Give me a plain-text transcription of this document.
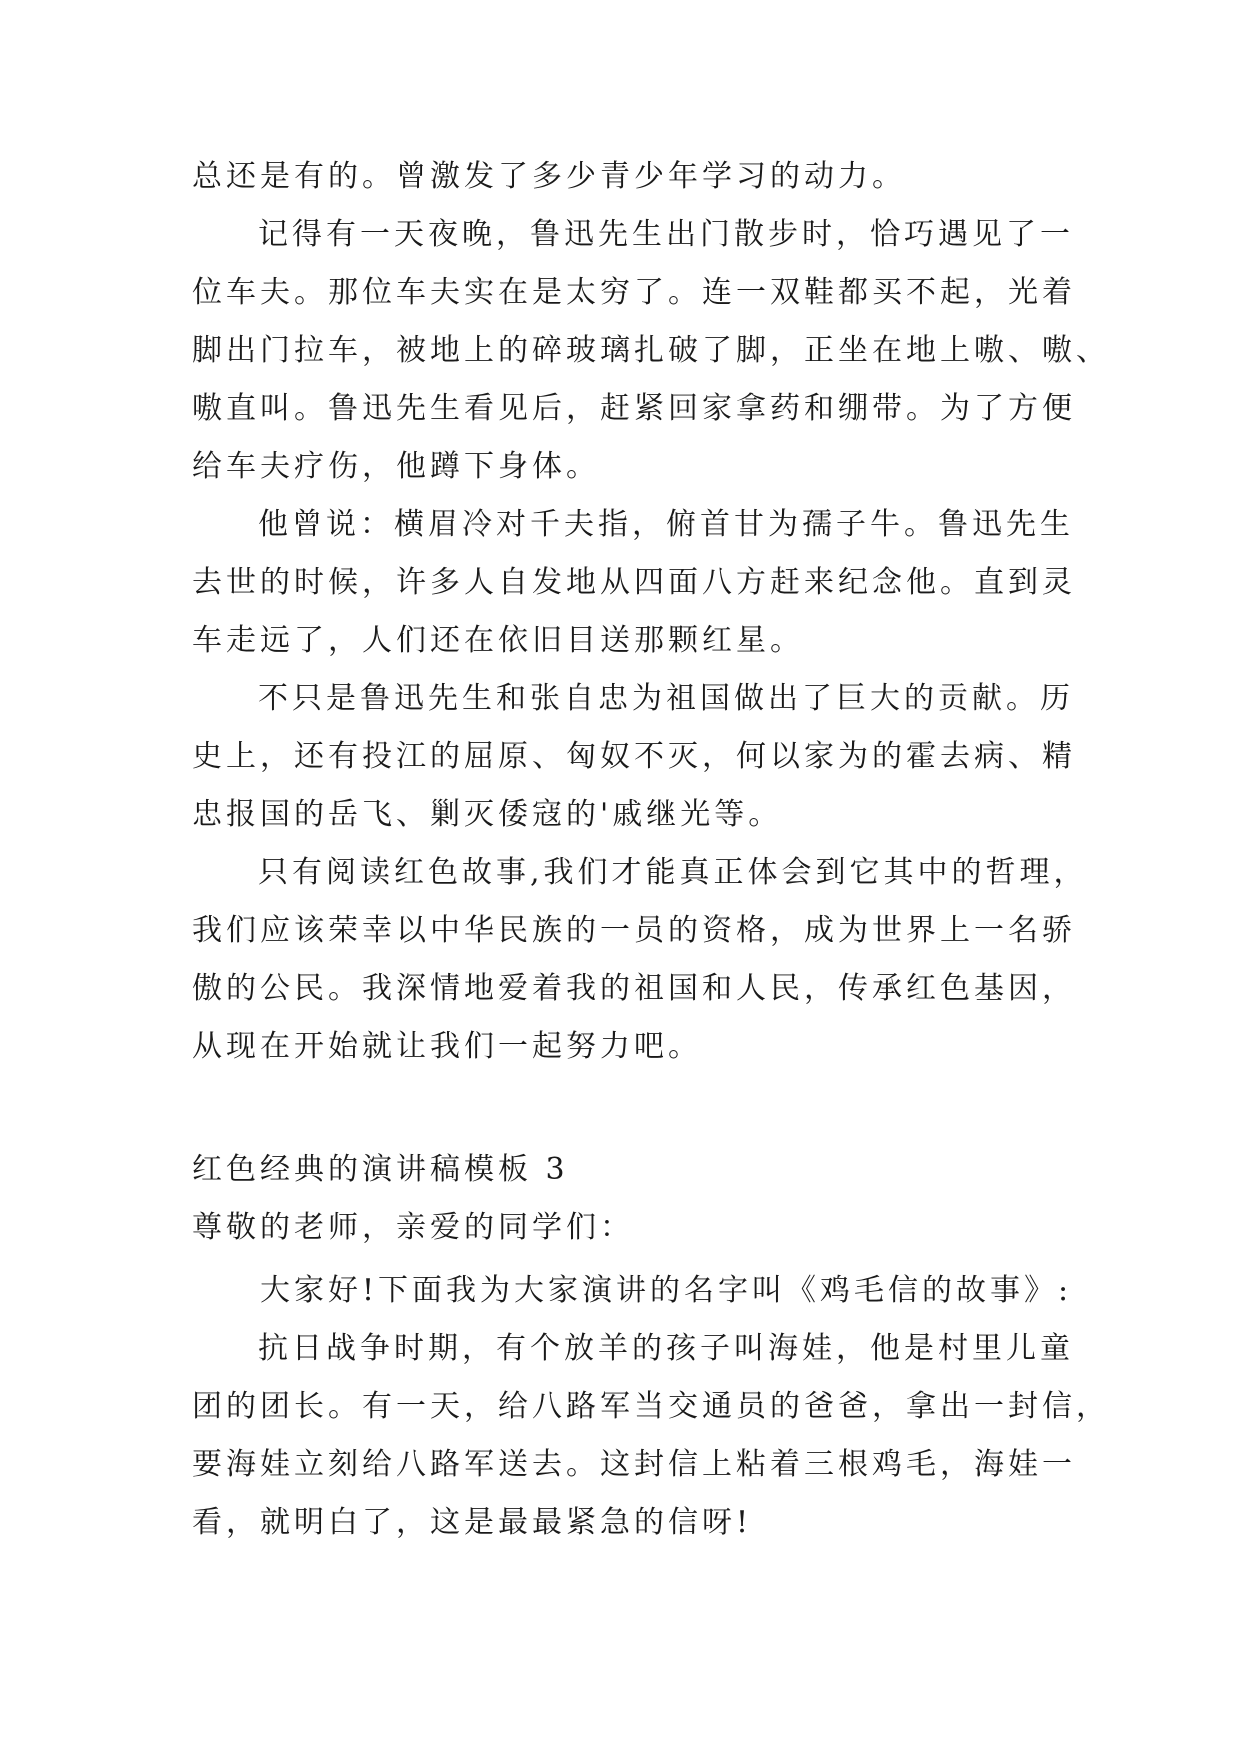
总还是有的。曾激发了多少青少年学习的动力。
记得有一天夜晚，鲁迅先生出门散步时，恰巧遇见了一
位车夫。那位车夫实在是太穷了。连一双鞋都买不起，光着
脚出门拉车，被地上的碎玻璃扎破了脚，正坐在地上嗷、嗷、
嗷直叫。鲁迅先生看见后，赶紧回家拿药和绷带。为了方便
给车夫疗伤，他蹲下身体。
他曾说：横眉冷对千夫指，俯首甘为孺子牛。鲁迅先生
去世的时候，许多人自发地从四面八方赶来纪念他。直到灵
车走远了，人们还在依旧目送那颗红星。
不只是鲁迅先生和张自忠为祖国做出了巨大的贡献。历
史上，还有投江的屈原、匈奴不灭，何以家为的霍去病、精
忠报国的岳飞、剿灭倭寇的'戚继光等。
只有阅读红色故事,我们才能真正体会到它其中的哲理，
我们应该荣幸以中华民族的一员的资格，成为世界上一名骄
傲的公民。我深情地爱着我的祖国和人民，传承红色基因，
从现在开始就让我们一起努力吧。
红色经典的演讲稿模板 3
尊敬的老师，亲爱的同学们：
大家好!下面我为大家演讲的名字叫《鸡毛信的故事》:
抗日战争时期，有个放羊的孩子叫海娃，他是村里儿童
团的团长。有一天，给八路军当交通员的爸爸，拿出一封信，
要海娃立刻给八路军送去。这封信上粘着三根鸡毛，海娃一
看，就明白了，这是最最紧急的信呀!
